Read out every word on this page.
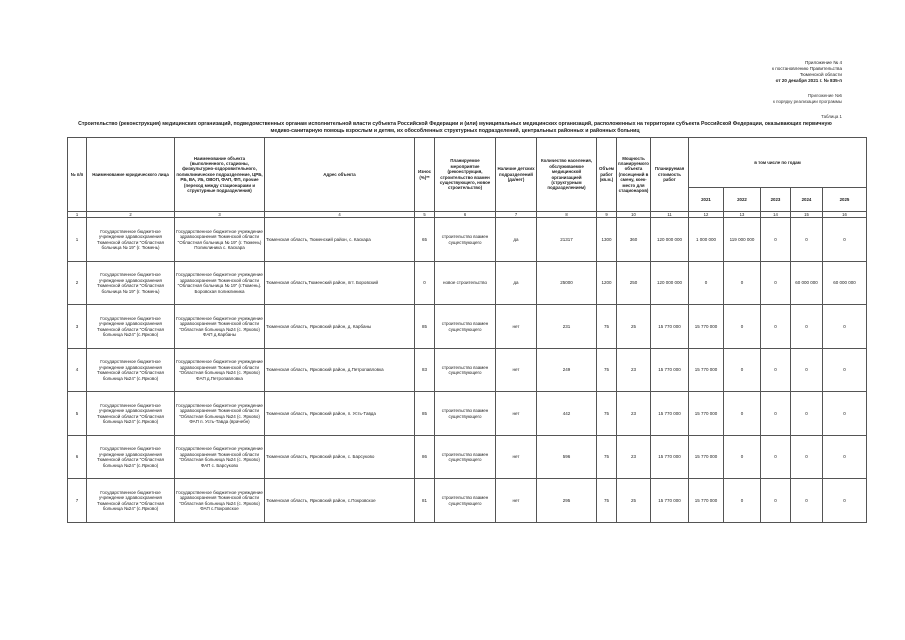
Приложение № 4
к постановлению Правительства
Тюменской области
от 20 декабря 2021 г. № 835-п
Приложение №6
к порядку реализации программы
Таблица 1
Строительство (реконструкция) медицинских организаций, подведомственных органам исполнительной власти субъекта Российской Федерации и (или) муниципальных медицинских организаций, расположенных на территории субъекта Российской Федерации, оказывающих первичную медико-санитарную помощь взрослым и детям, их обособленных структурных подразделений, центральных районных и районных больниц
№ п/п	Наименование юридического лица	Наименование объекта (выполненного, стадионы, физкультурно-оздоровительного, поликлиническое подразделение, ЦРБ, РБ, ВА, УБ, ОВОП, ФАП, ФП, прочие (переход между стационарами и структурные подразделения)	Адрес объекта	Износ (%)**	Планируемое мероприятие (реконструкция, строительство взамен существующего, новое строительство)	Наличие детских подразделений (да/нет)	Количество населения, обслуживаемое медицинской организацией (структурным подразделением)	Объем работ (кв.м.)	Мощность планируемого объекта (посещений в смену, коек-место для стационаров)	Планируемая стоимость работ	в том числе по годам				
											2021	2022	2023	2024	2025
1	2	3	4	5	6	7	8	9	10	11	12	13	14	15	16
1	Государственное бюджетное учреждение здравоохранения Тюменской области "Областная больница № 19" (г. Тюмень)	Государственное бюджетное учреждение здравоохранения Тюменской области "Областная больница № 19" (г. Тюмень) Поликлиника с. Каскара	Тюменская область, Тюменский район, с. Каскара	65	строительство взамен существующего	да	21317	1300	360	120 000 000	1 000 000	119 000 000	0	0	0
2	Государственное бюджетное учреждение здравоохранения Тюменской области "Областная больница № 19" (г. Тюмень)	Государственное бюджетное учреждение здравоохранения Тюменской области "Областная больница № 19" (г.Тюмень). Боровская поликлиника	Тюменская область,Тюменский район, пгт. Боровский	0	новое строительство	да	25000	1200	250	120 000 000	0	0	0	60 000 000	60 000 000
3	Государственное бюджетное учреждение здравоохранения Тюменской области "Областная больница №24" (с.Ярково)	Государственное бюджетное учреждение здравоохранения Тюменской области "Областная больница №24 (с. Ярково) ФАП д.Карбаны	Тюменская область, Ярковский район, д. Карбаны	85	строительство взамен существующего	нет	231	75	25	15 770 000	15 770 000	0	0	0	0
4	Государственное бюджетное учреждение здравоохранения Тюменской области "Областная больница №24" (с.Ярково)	Государственное бюджетное учреждение здравоохранения Тюменской области "Областная больница №24 (с. Ярково) ФАП д.Петропавловка	Тюменская область, Ярковский район, д.Петропавловка	83	строительство взамен существующего	нет	249	75	23	15 770 000	15 770 000	0	0	0	0
5	Государственное бюджетное учреждение здравоохранения Тюменской области "Областная больница №24" (с.Ярково)	Государственное бюджетное учреждение здравоохранения Тюменской области "Областная больница №24 (с. Ярково) ФАП п. Усть-Тавда (врачебн)	Тюменская область, Ярковский район, п. Усть-Тавда	85	строительство взамен существующего	нет	442	75	23	15 770 000	15 770 000	0	0	0	0
6	Государственное бюджетное учреждение здравоохранения Тюменской области "Областная больница №24" (с.Ярково)	Государственное бюджетное учреждение здравоохранения Тюменской области "Областная больница №24 (с. Ярково) ФАП с. Барсуково	Тюменская область, Ярковский район, с. Барсуково	86	строительство взамен существующего	нет	596	75	23	15 770 000	15 770 000	0	0	0	0
7	Государственное бюджетное учреждение здравоохранения Тюменской области "Областная больница №24" (с.Ярково)	Государственное бюджетное учреждение здравоохранения Тюменской области "Областная больница №24 (с. Ярково) ФАП с.Покровское	Тюменская область, Ярковский район, с.Покровское	81	строительство взамен существующего	нет	295	75	25	15 770 000	15 770 000	0	0	0	0
